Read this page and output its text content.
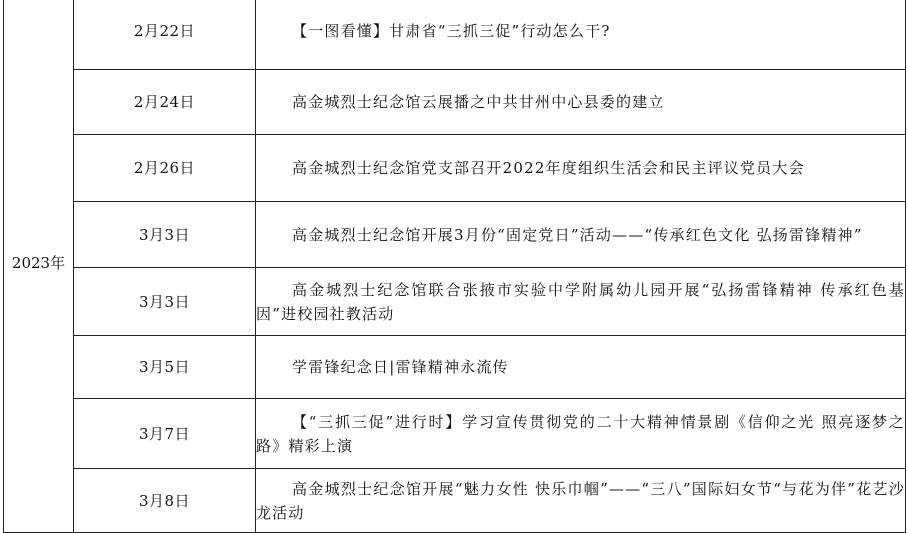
2023年	2月22日	【一图看懂】甘肃省“三抓三促”行动怎么干?

	2月24日	高金城烈士纪念馆云展播之中共甘州中心县委的建立

	2月26日	高金城烈士纪念馆党支部召开2022年度组织生活会和民主评议党员大会

	3月3日	高金城烈士纪念馆开展3月份“固定党日”活动——“传承红色文化 弘扬雷锋精神”

	3月3日	高金城烈士纪念馆联合张掖市实验中学附属幼儿园开展“弘扬雷锋精神 传承红色基因”进校园社教活动

	3月5日	学雷锋纪念日|雷锋精神永流传

	3月7日	【“三抓三促”进行时】学习宣传贯彻党的二十大精神情景剧《信仰之光 照亮逐梦之路》精彩上演

	3月8日	高金城烈士纪念馆开展“魅力女性 快乐巾帼”——“三八”国际妇女节“与花为伴”花艺沙龙活动
